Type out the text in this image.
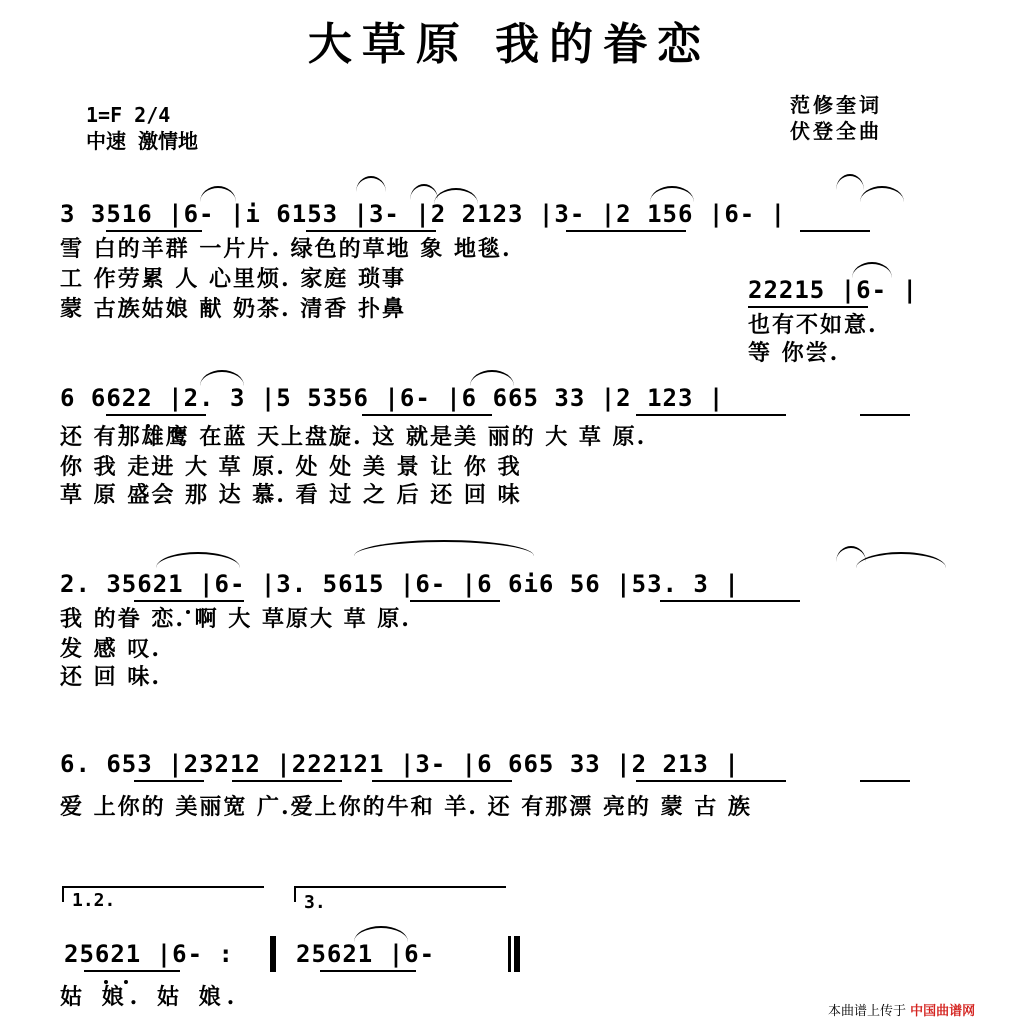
大草原 我的眷恋
1=F 2/4
中速 激情地
范修奎词
伏登全曲
3 3516 |6- |i 6153 |3- |2 2123 |3- |2 156 |6- |
雪 白的羊群 一片片. 绿色的草地 象 地毯.
工 作劳累 人 心里烦. 家庭 琐事
蒙 古族姑娘 献 奶茶. 清香 扑鼻
22215 |6- |
也有不如意.
等 你尝.
6 6622 |2. 3 |5 5356 |6- |6 665 33 |2 123 |
还 有那雄鹰 在蓝 天上盘旋. 这 就是美 丽的 大 草 原.
你 我 走进 大 草 原. 处 处 美 景 让 你 我
草 原 盛会 那 达 慕. 看 过 之 后 还 回 味
2. 35621 |6- |3. 5615 |6- |6 6i6 56 |53. 3 |
我 的眷 恋. 啊 大 草原大 草 原.
发 感 叹.
还 回 味.
6. 653 |23212 |222121 |3- |6 665 33 |2 213 |
爱 上你的 美丽宽 广.爱上你的牛和 羊. 还 有那漂 亮的 蒙 古 族
1.2.	3.
25621 |6- :	25621 |6-
姑 娘. 姑 娘.
本曲谱上传于 中国曲谱网
